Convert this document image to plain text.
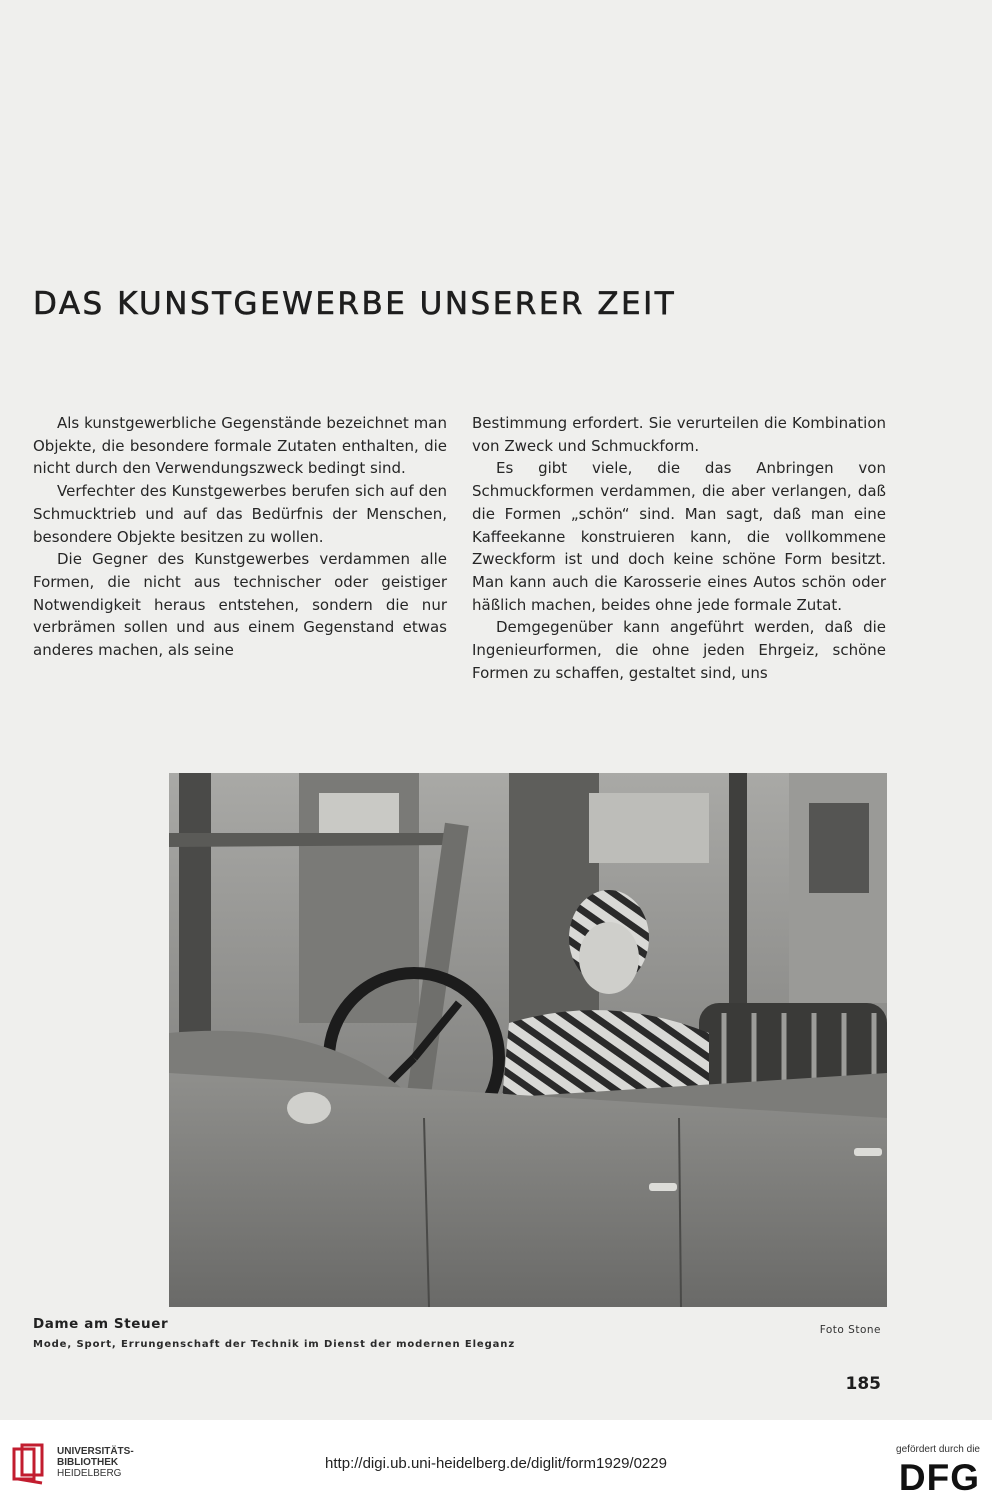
DAS KUNSTGEWERBE UNSERER ZEIT

Als kunstgewerbliche Gegenstände bezeichnet man Objekte, die besondere formale Zutaten enthalten, die nicht durch den Verwendungszweck bedingt sind.

Verfechter des Kunstgewerbes berufen sich auf den Schmucktrieb und auf das Bedürfnis der Menschen, besondere Objekte besitzen zu wollen.

Die Gegner des Kunstgewerbes verdammen alle Formen, die nicht aus technischer oder geistiger Notwendigkeit heraus entstehen, sondern die nur verbrämen sollen und aus einem Gegenstand etwas anderes machen, als seine

Bestimmung erfordert. Sie verurteilen die Kombination von Zweck und Schmuckform.

Es gibt viele, die das Anbringen von Schmuckformen verdammen, die aber verlangen, daß die Formen „schön“ sind. Man sagt, daß man eine Kaffeekanne konstruieren kann, die vollkommene Zweckform ist und doch keine schöne Form besitzt. Man kann auch die Karosserie eines Autos schön oder häßlich machen, beides ohne jede formale Zutat.

Demgegenüber kann angeführt werden, daß die Ingenieurformen, die ohne jeden Ehrgeiz, schöne Formen zu schaffen, gestaltet sind, uns

Dame am Steuer
Mode, Sport, Errungenschaft der Technik im Dienst der modernen Eleganz
Foto Stone
185
UNIVERSITÄTS-
BIBLIOTHEK
HEIDELBERG
http://digi.ub.uni-heidelberg.de/diglit/form1929/0229
gefördert durch die
DFG
